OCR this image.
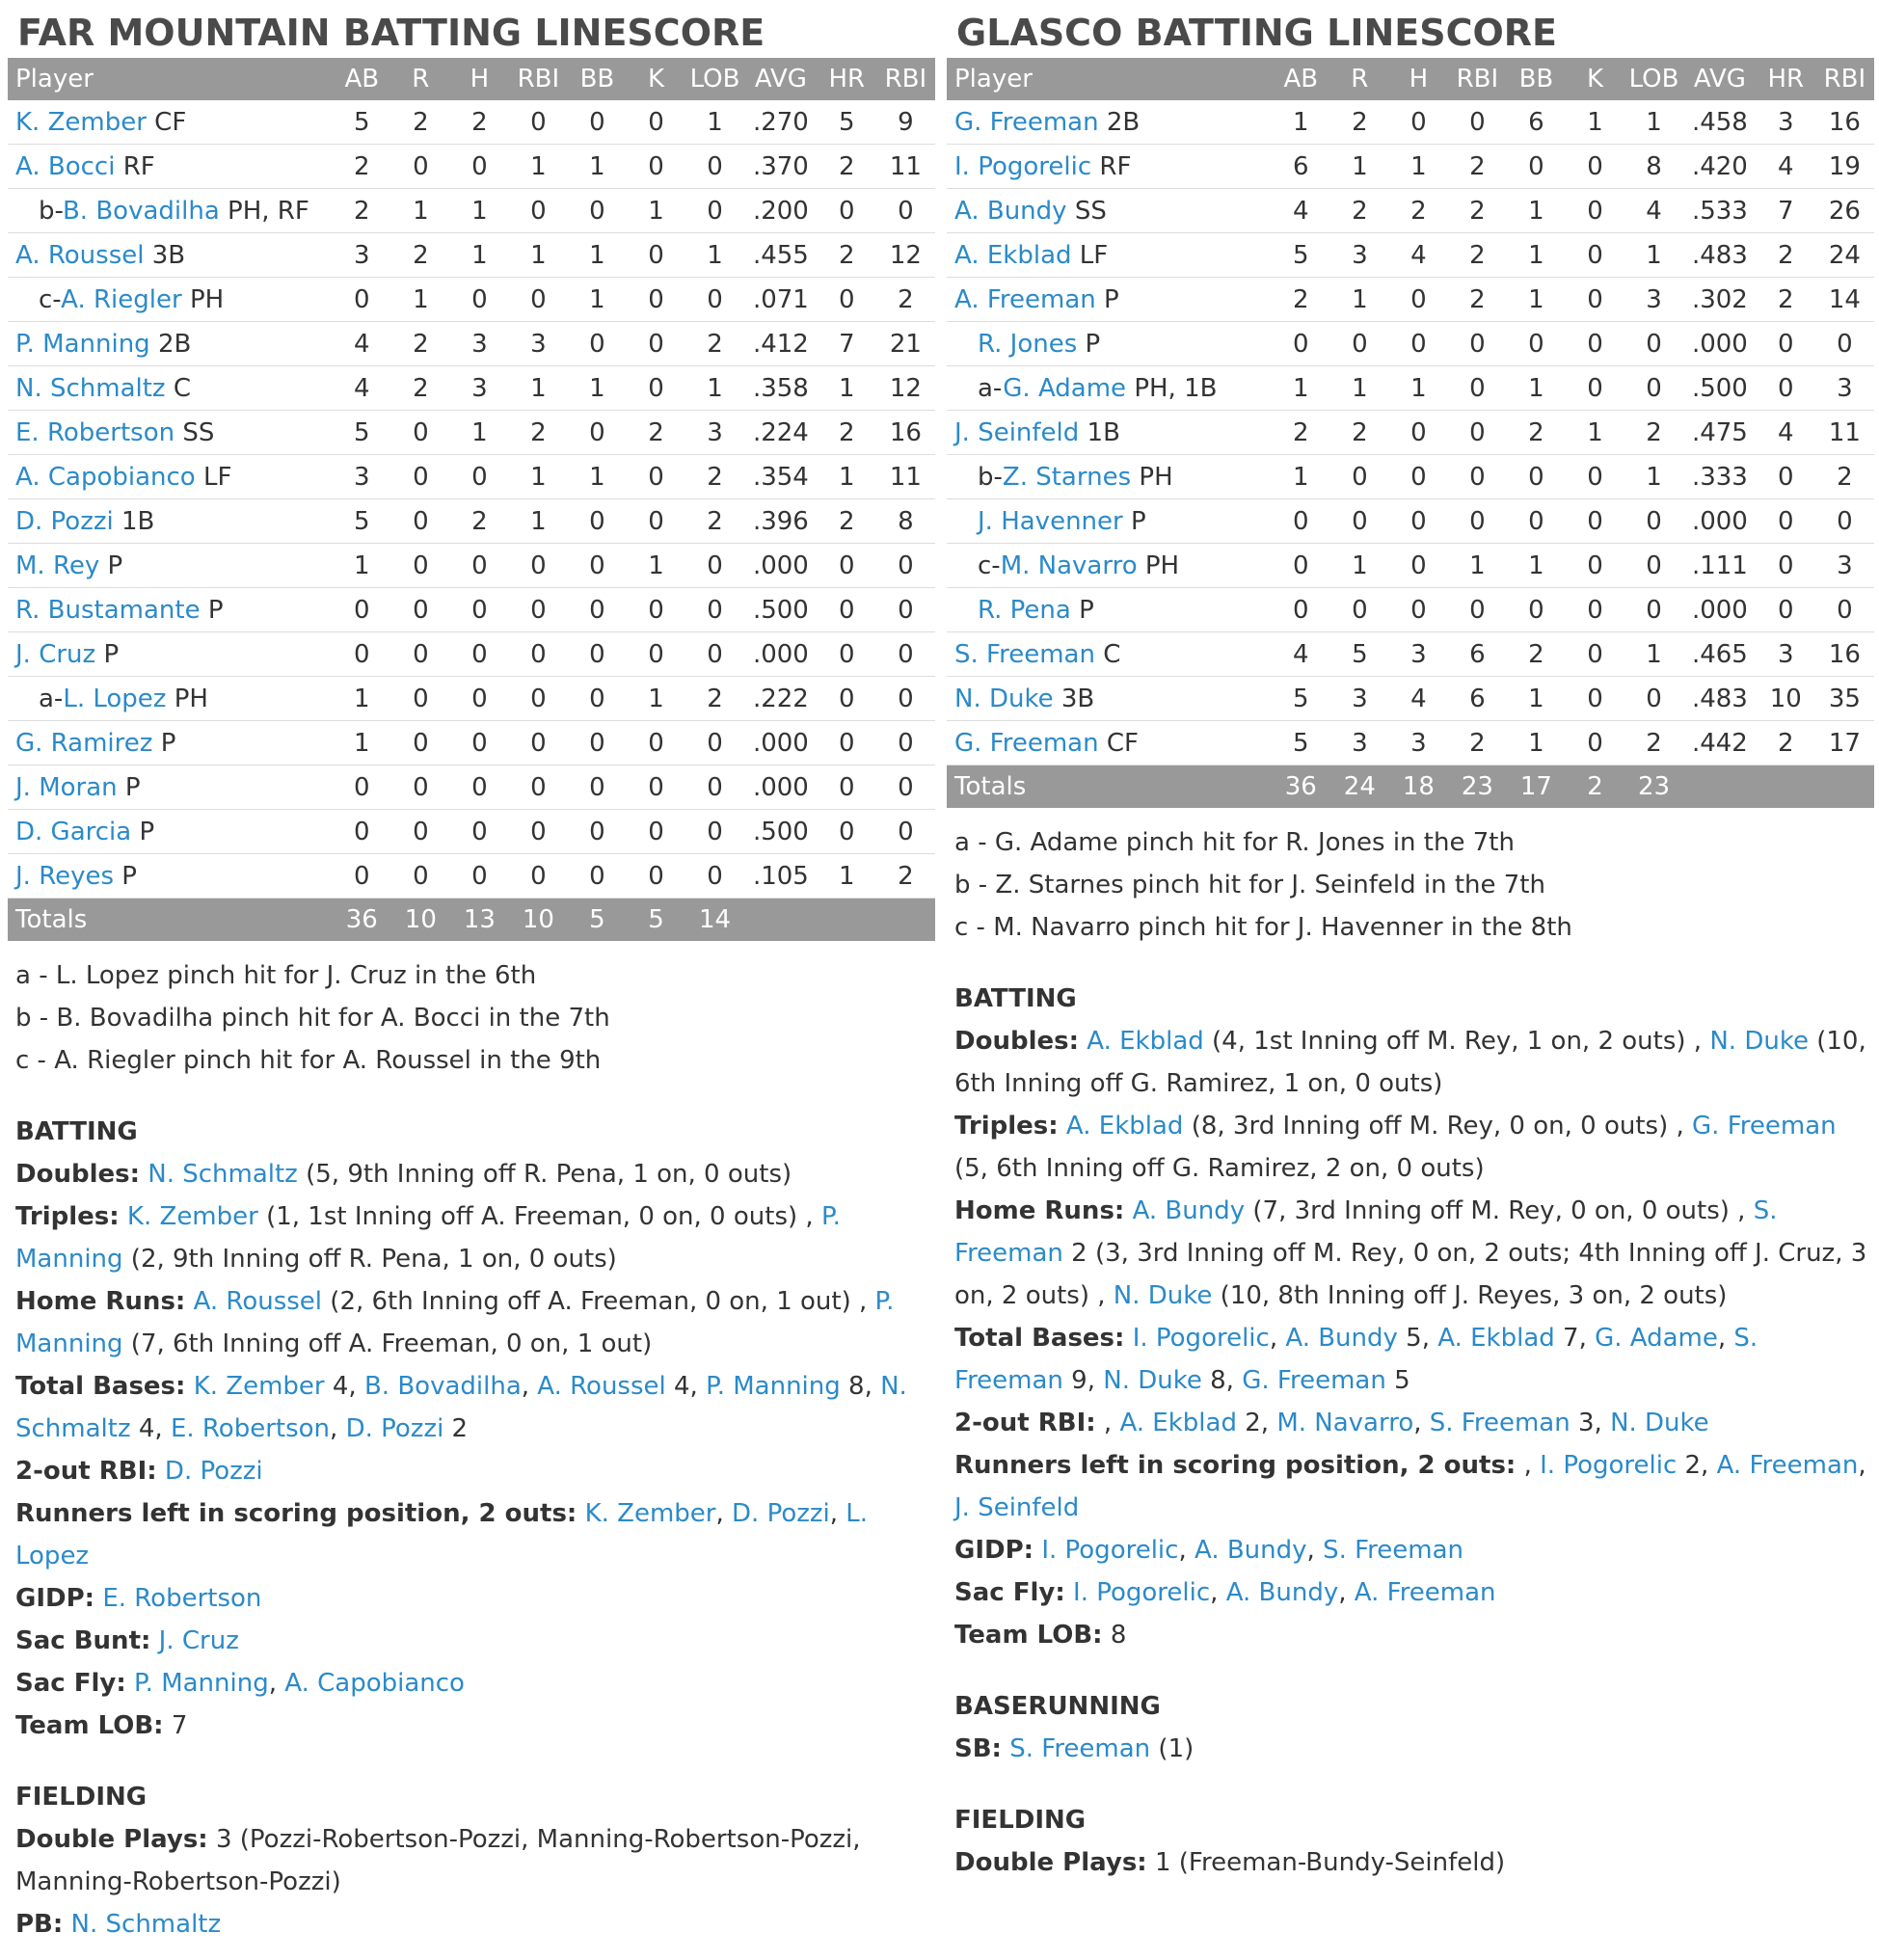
FAR MOUNTAIN BATTING LINESCORE
Player	AB	R	H	RBI	BB	K	LOB	AVG	HR	RBI
K. Zember CF	5	2	2	0	0	0	1	.270	5	9
A. Bocci RF	2	0	0	1	1	0	0	.370	2	11
b-B. Bovadilha PH, RF	2	1	1	0	0	1	0	.200	0	0
A. Roussel 3B	3	2	1	1	1	0	1	.455	2	12
c-A. Riegler PH	0	1	0	0	1	0	0	.071	0	2
P. Manning 2B	4	2	3	3	0	0	2	.412	7	21
N. Schmaltz C	4	2	3	1	1	0	1	.358	1	12
E. Robertson SS	5	0	1	2	0	2	3	.224	2	16
A. Capobianco LF	3	0	0	1	1	0	2	.354	1	11
D. Pozzi 1B	5	0	2	1	0	0	2	.396	2	8
M. Rey P	1	0	0	0	0	1	0	.000	0	0
R. Bustamante P	0	0	0	0	0	0	0	.500	0	0
J. Cruz P	0	0	0	0	0	0	0	.000	0	0
a-L. Lopez PH	1	0	0	0	0	1	2	.222	0	0
G. Ramirez P	1	0	0	0	0	0	0	.000	0	0
J. Moran P	0	0	0	0	0	0	0	.000	0	0
D. Garcia P	0	0	0	0	0	0	0	.500	0	0
J. Reyes P	0	0	0	0	0	0	0	.105	1	2
Totals	36	10	13	10	5	5	14			
a - L. Lopez pinch hit for J. Cruz in the 6th
b - B. Bovadilha pinch hit for A. Bocci in the 7th
c - A. Riegler pinch hit for A. Roussel in the 9th
BATTING
Doubles: N. Schmaltz (5, 9th Inning off R. Pena, 1 on, 0 outs)
Triples: K. Zember (1, 1st Inning off A. Freeman, 0 on, 0 outs) , P. Manning (2, 9th Inning off R. Pena, 1 on, 0 outs)
Home Runs: A. Roussel (2, 6th Inning off A. Freeman, 0 on, 1 out) , P. Manning (7, 6th Inning off A. Freeman, 0 on, 1 out)
Total Bases: K. Zember 4, B. Bovadilha, A. Roussel 4, P. Manning 8, N. Schmaltz 4, E. Robertson, D. Pozzi 2
2-out RBI: D. Pozzi
Runners left in scoring position, 2 outs: K. Zember, D. Pozzi, L. Lopez
GIDP: E. Robertson
Sac Bunt: J. Cruz
Sac Fly: P. Manning, A. Capobianco
Team LOB: 7
FIELDING
Double Plays: 3 (Pozzi-Robertson-Pozzi, Manning-Robertson-Pozzi, Manning-Robertson-Pozzi)
PB: N. Schmaltz
GLASCO BATTING LINESCORE
Player	AB	R	H	RBI	BB	K	LOB	AVG	HR	RBI
G. Freeman 2B	1	2	0	0	6	1	1	.458	3	16
I. Pogorelic RF	6	1	1	2	0	0	8	.420	4	19
A. Bundy SS	4	2	2	2	1	0	4	.533	7	26
A. Ekblad LF	5	3	4	2	1	0	1	.483	2	24
A. Freeman P	2	1	0	2	1	0	3	.302	2	14
R. Jones P	0	0	0	0	0	0	0	.000	0	0
a-G. Adame PH, 1B	1	1	1	0	1	0	0	.500	0	3
J. Seinfeld 1B	2	2	0	0	2	1	2	.475	4	11
b-Z. Starnes PH	1	0	0	0	0	0	1	.333	0	2
J. Havenner P	0	0	0	0	0	0	0	.000	0	0
c-M. Navarro PH	0	1	0	1	1	0	0	.111	0	3
R. Pena P	0	0	0	0	0	0	0	.000	0	0
S. Freeman C	4	5	3	6	2	0	1	.465	3	16
N. Duke 3B	5	3	4	6	1	0	0	.483	10	35
G. Freeman CF	5	3	3	2	1	0	2	.442	2	17
Totals	36	24	18	23	17	2	23			
a - G. Adame pinch hit for R. Jones in the 7th
b - Z. Starnes pinch hit for J. Seinfeld in the 7th
c - M. Navarro pinch hit for J. Havenner in the 8th
BATTING
Doubles: A. Ekblad (4, 1st Inning off M. Rey, 1 on, 2 outs) , N. Duke (10, 6th Inning off G. Ramirez, 1 on, 0 outs)
Triples: A. Ekblad (8, 3rd Inning off M. Rey, 0 on, 0 outs) , G. Freeman (5, 6th Inning off G. Ramirez, 2 on, 0 outs)
Home Runs: A. Bundy (7, 3rd Inning off M. Rey, 0 on, 0 outs) , S. Freeman 2 (3, 3rd Inning off M. Rey, 0 on, 2 outs; 4th Inning off J. Cruz, 3 on, 2 outs) , N. Duke (10, 8th Inning off J. Reyes, 3 on, 2 outs)
Total Bases: I. Pogorelic, A. Bundy 5, A. Ekblad 7, G. Adame, S. Freeman 9, N. Duke 8, G. Freeman 5
2-out RBI: , A. Ekblad 2, M. Navarro, S. Freeman 3, N. Duke
Runners left in scoring position, 2 outs: , I. Pogorelic 2, A. Freeman, J. Seinfeld
GIDP: I. Pogorelic, A. Bundy, S. Freeman
Sac Fly: I. Pogorelic, A. Bundy, A. Freeman
Team LOB: 8
BASERUNNING
SB: S. Freeman (1)
FIELDING
Double Plays: 1 (Freeman-Bundy-Seinfeld)
